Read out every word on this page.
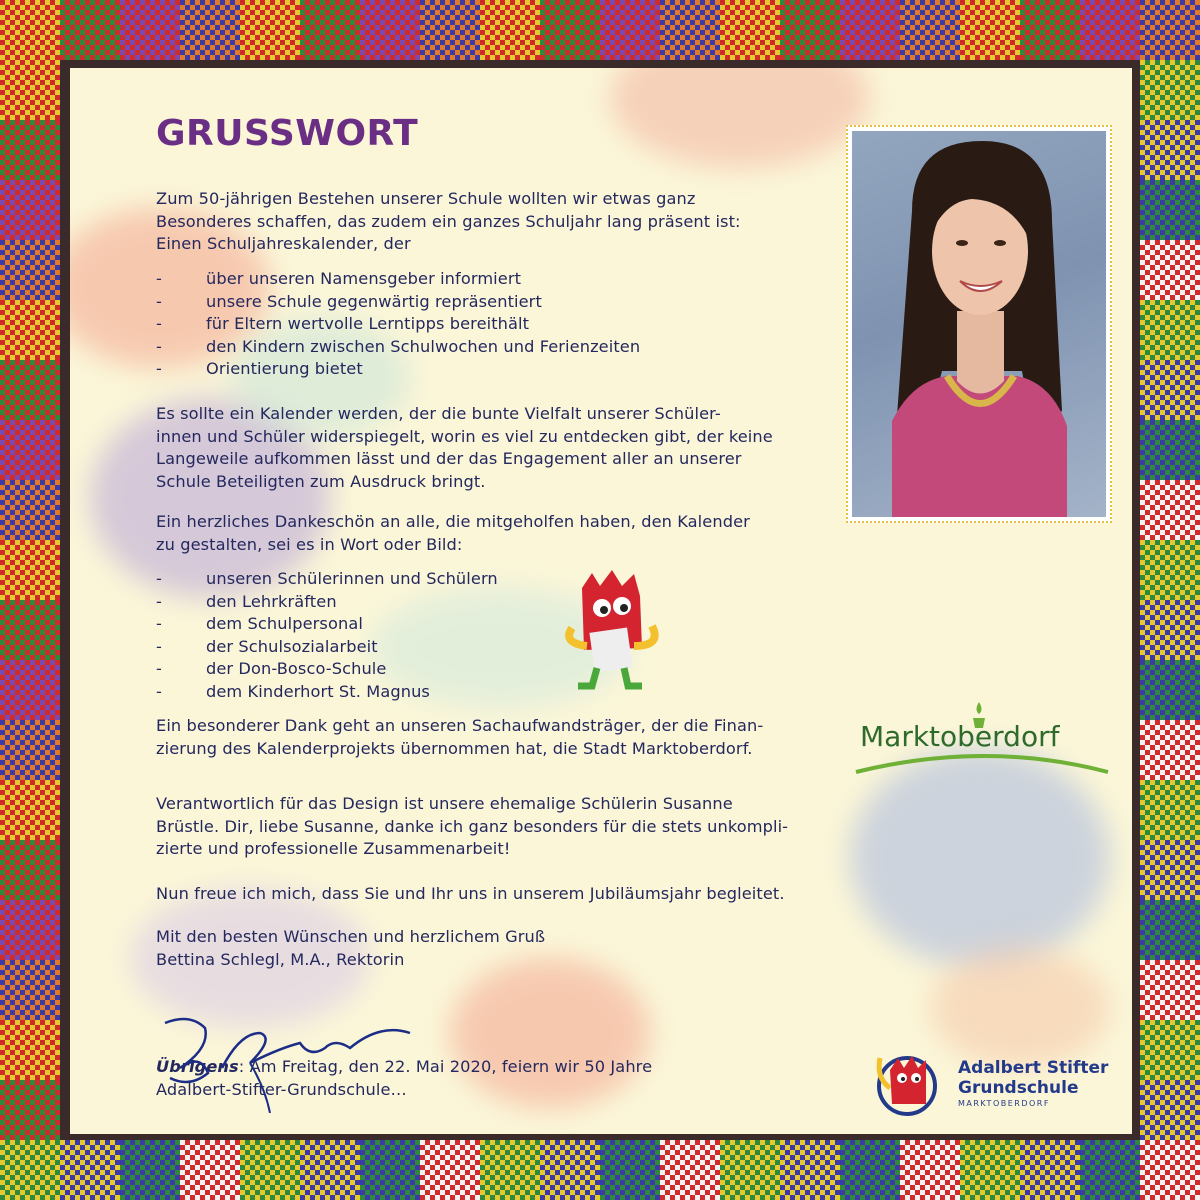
GRUSSWORT

Zum 50-jährigen Bestehen unserer Schule wollten wir etwas ganz
Besonderes schaffen, das zudem ein ganzes Schuljahr lang präsent ist:
Einen Schuljahreskalender, der

- über unseren Namensgeber informiert
- unsere Schule gegenwärtig repräsentiert
- für Eltern wertvolle Lerntipps bereithält
- den Kindern zwischen Schulwochen und Ferienzeiten
- Orientierung bietet

Es sollte ein Kalender werden, der die bunte Vielfalt unserer Schüler-
innen und Schüler widerspiegelt, worin es viel zu entdecken gibt, der keine
Langeweile aufkommen lässt und der das Engagement aller an unserer
Schule Beteiligten zum Ausdruck bringt.

Ein herzliches Dankeschön an alle, die mitgeholfen haben, den Kalender
zu gestalten, sei es in Wort oder Bild:

- unseren Schülerinnen und Schülern
- den Lehrkräften
- dem Schulpersonal
- der Schulsozialarbeit
- der Don-Bosco-Schule
- dem Kinderhort St. Magnus

Ein besonderer Dank geht an unseren Sachaufwandsträger, der die Finan-
zierung des Kalenderprojekts übernommen hat, die Stadt Marktoberdorf.

Verantwortlich für das Design ist unsere ehemalige Schülerin Susanne
Brüstle. Dir, liebe Susanne, danke ich ganz besonders für die stets unkompli-
zierte und professionelle Zusammenarbeit!

Nun freue ich mich, dass Sie und Ihr uns in unserem Jubiläumsjahr begleitet.

Mit den besten Wünschen und herzlichem Gruß
Bettina Schlegl, M.A., Rektorin

Übrigens: Am Freitag, den 22. Mai 2020, feiern wir 50 Jahre
Adalbert-Stifter-Grundschule…

Marktoberdorf
Adalbert Stifter
Grundschule
MARKTOBERDORF
